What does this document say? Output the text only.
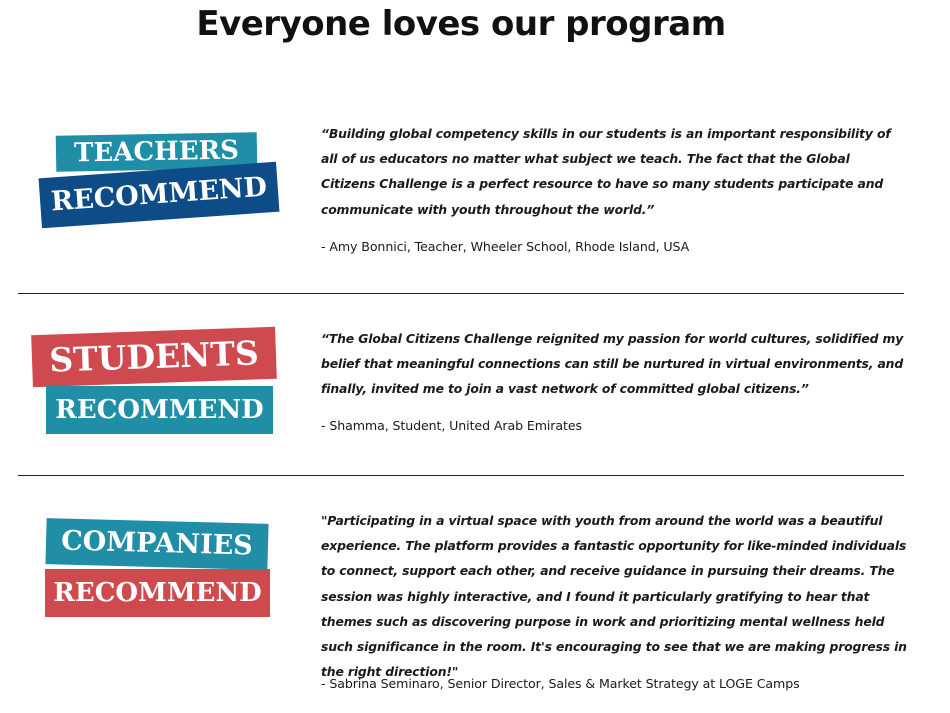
Everyone loves our program
TEACHERS
RECOMMEND

“Building global competency skills in our students is an important responsibility of all of us educators no matter what subject we teach. The fact that the Global Citizens Challenge is a perfect resource to have so many students participate and communicate with youth throughout the world.”

- Amy Bonnici, Teacher, Wheeler School, Rhode Island, USA

STUDENTS
RECOMMEND

“The Global Citizens Challenge reignited my passion for world cultures, solidified my belief that meaningful connections can still be nurtured in virtual environments, and finally, invited me to join a vast network of committed global citizens.”

- Shamma, Student, United Arab Emirates

COMPANIES
RECOMMEND

"Participating in a virtual space with youth from around the world was a beautiful experience. The platform provides a fantastic opportunity for like-minded individuals to connect, support each other, and receive guidance in pursuing their dreams. The session was highly interactive, and I found it particularly gratifying to hear that themes such as discovering purpose in work and prioritizing mental wellness held such significance in the room. It's encouraging to see that we are making progress in the right direction!"

- Sabrina Seminaro, Senior Director, Sales & Market Strategy at LOGE Camps
